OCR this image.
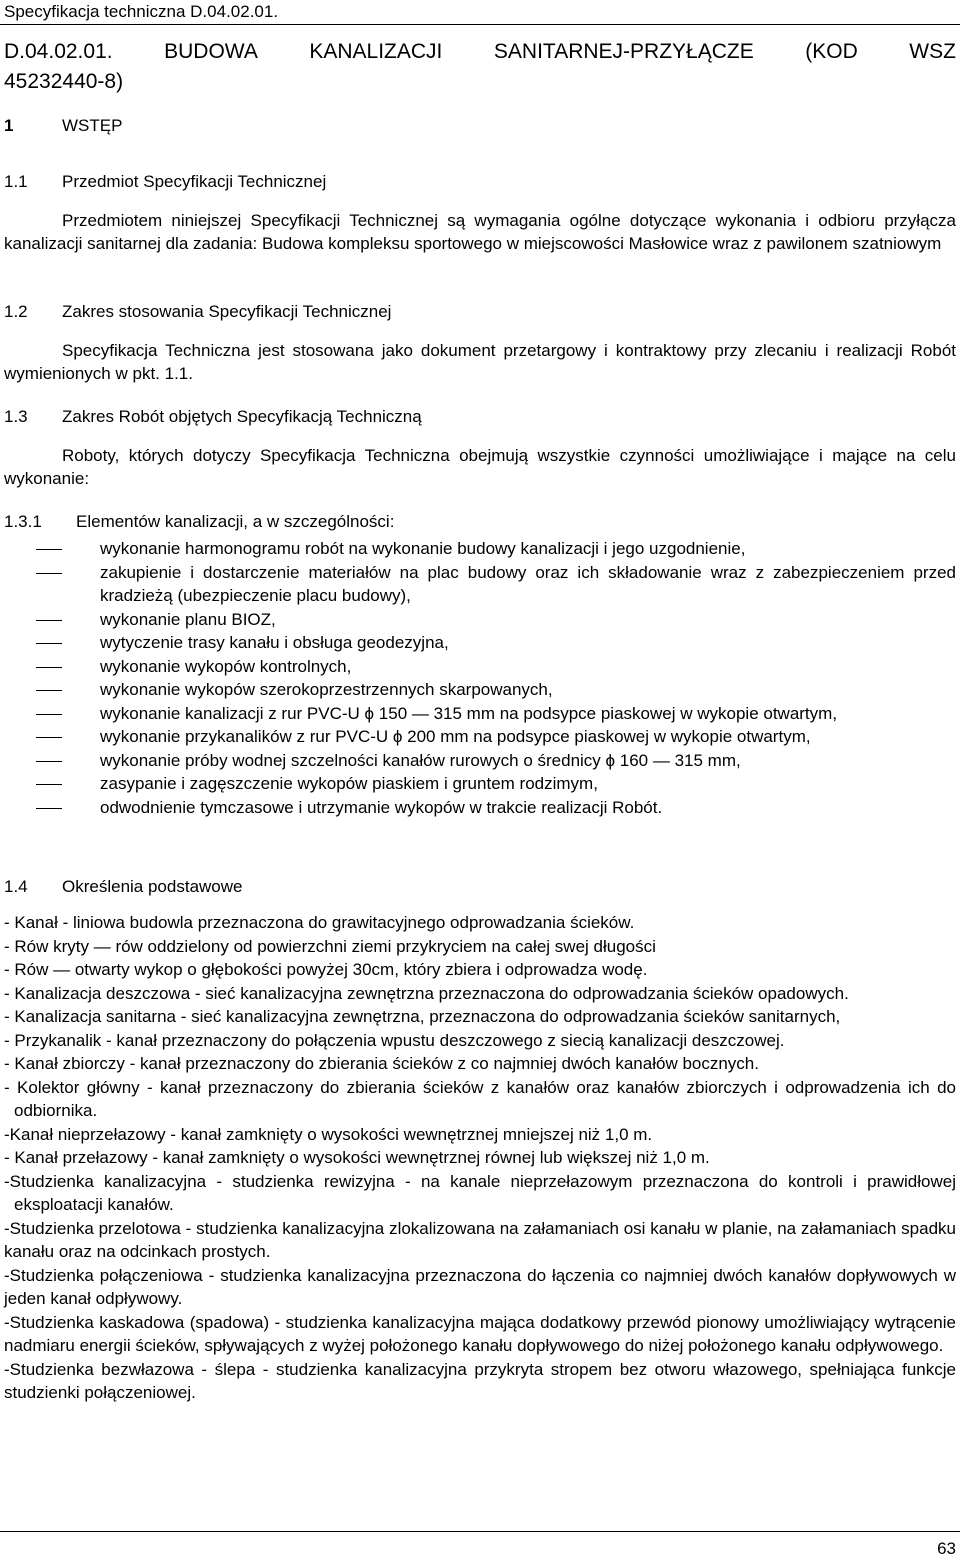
Specyfikacja techniczna D.04.02.01.
D.04.02.01. BUDOWA KANALIZACJI SANITARNEJ-PRZYŁĄCZE (KOD WSZ
45232440-8)
1	WSTĘP
1.1	Przedmiot Specyfikacji Technicznej
Przedmiotem niniejszej Specyfikacji Technicznej są wymagania ogólne dotyczące wykonania i odbioru przyłącza kanalizacji sanitarnej dla zadania: Budowa kompleksu sportowego w miejscowości Masłowice wraz z pawilonem szatniowym
1.2	Zakres stosowania Specyfikacji Technicznej
Specyfikacja Techniczna jest stosowana jako dokument przetargowy i kontraktowy przy zlecaniu i realizacji Robót wymienionych w pkt. 1.1.
1.3	Zakres Robót objętych Specyfikacją Techniczną
Roboty, których dotyczy Specyfikacja Techniczna obejmują wszystkie czynności umożliwiające i mające na celu wykonanie:
1.3.1	Elementów kanalizacji, a w szczególności:
wykonanie harmonogramu robót na wykonanie budowy kanalizacji i jego uzgodnienie,
zakupienie i dostarczenie materiałów na plac budowy oraz ich składowanie wraz z zabezpieczeniem przed kradzieżą (ubezpieczenie placu budowy),
wykonanie planu BIOZ,
wytyczenie trasy kanału i obsługa geodezyjna,
wykonanie wykopów kontrolnych,
wykonanie wykopów szerokoprzestrzennych skarpowanych,
wykonanie kanalizacji z rur PVC-U ϕ 150 — 315 mm na podsypce piaskowej w wykopie otwartym,
wykonanie przykanalików z rur PVC-U ϕ 200 mm na podsypce piaskowej w wykopie otwartym,
wykonanie próby wodnej szczelności kanałów rurowych o średnicy ϕ 160 — 315 mm,
zasypanie i zagęszczenie wykopów piaskiem i gruntem rodzimym,
odwodnienie tymczasowe i utrzymanie wykopów w trakcie realizacji Robót.
1.4	Określenia podstawowe
- Kanał - liniowa budowla przeznaczona do grawitacyjnego odprowadzania ścieków.
- Rów kryty — rów oddzielony od powierzchni ziemi przykryciem na całej swej długości
- Rów — otwarty wykop o głębokości powyżej 30cm, który zbiera i odprowadza wodę.
- Kanalizacja deszczowa - sieć kanalizacyjna zewnętrzna przeznaczona do odprowadzania ścieków opadowych.
- Kanalizacja sanitarna - sieć kanalizacyjna zewnętrzna, przeznaczona do odprowadzania ścieków sanitarnych,
- Przykanalik - kanał przeznaczony do połączenia wpustu deszczowego z siecią kanalizacji deszczowej.
- Kanał zbiorczy - kanał przeznaczony do zbierania ścieków z co najmniej dwóch kanałów bocznych.
- Kolektor główny - kanał przeznaczony do zbierania ścieków z kanałów oraz kanałów zbiorczych i odprowadzenia ich do odbiornika.
-Kanał nieprzełazowy - kanał zamknięty o wysokości wewnętrznej mniejszej niż 1,0 m.
- Kanał przełazowy - kanał zamknięty o wysokości wewnętrznej równej lub większej niż 1,0 m.
-Studzienka kanalizacyjna - studzienka rewizyjna - na kanale nieprzełazowym przeznaczona do kontroli i prawidłowej eksploatacji kanałów.
-Studzienka przelotowa - studzienka kanalizacyjna zlokalizowana na załamaniach osi kanału w planie, na załamaniach spadku kanału oraz na odcinkach prostych.
-Studzienka połączeniowa - studzienka kanalizacyjna przeznaczona do łączenia co najmniej dwóch kanałów dopływowych w jeden kanał odpływowy.
-Studzienka kaskadowa (spadowa) - studzienka kanalizacyjna mająca dodatkowy przewód pionowy umożliwiający wytrącenie nadmiaru energii ścieków, spływających z wyżej położonego kanału dopływowego do niżej położonego kanału odpływowego.
-Studzienka bezwłazowa - ślepa - studzienka kanalizacyjna przykryta stropem bez otworu włazowego, spełniająca funkcje studzienki połączeniowej.
63
